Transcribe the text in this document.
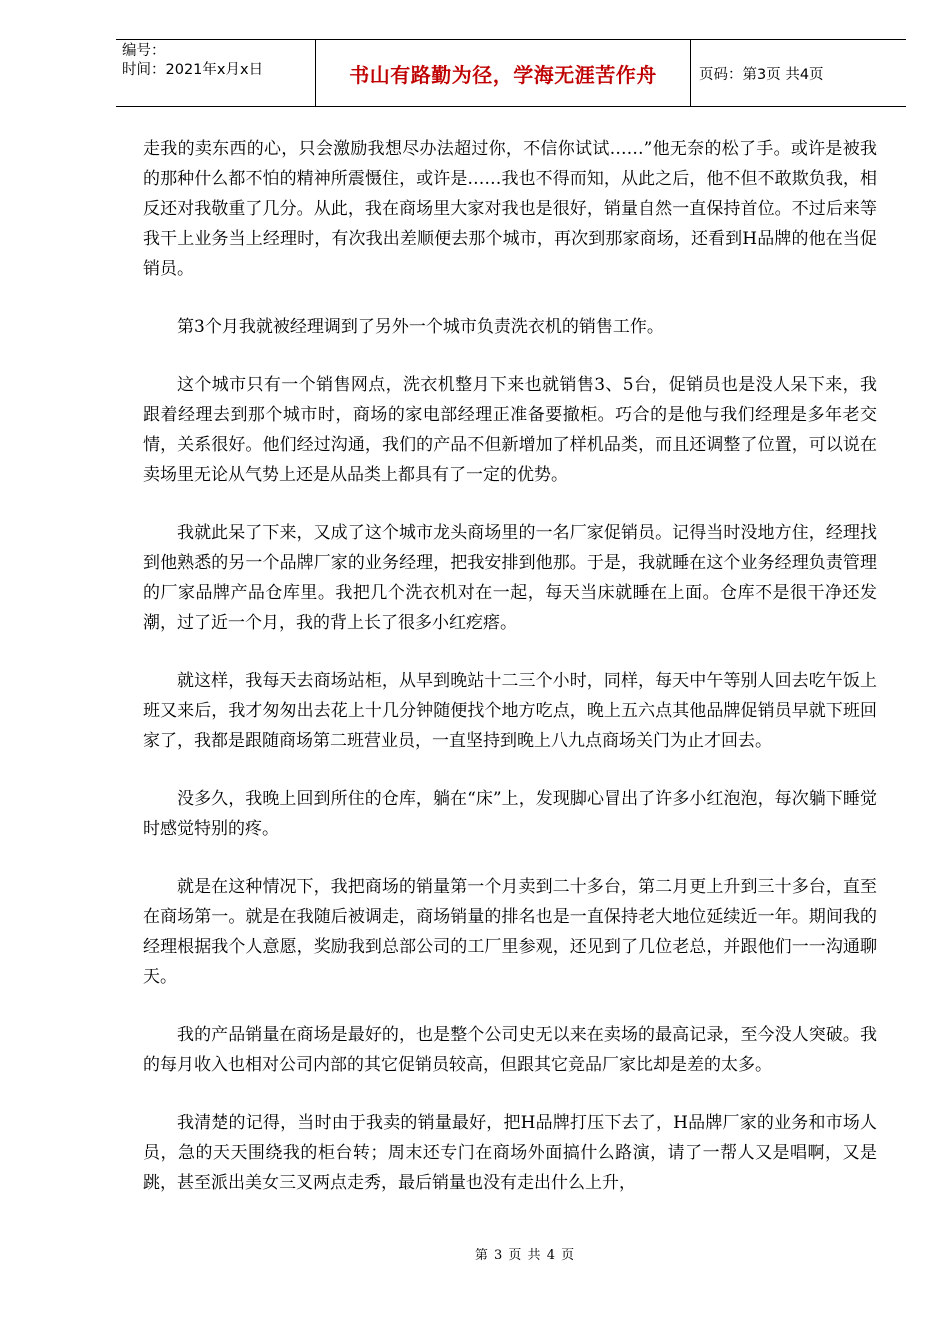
编号：
时间：2021年x月x日	书山有路勤为径，学海无涯苦作舟	页码：第3页 共4页

走我的卖东西的心，只会激励我想尽办法超过你，不信你试试……”他无奈的松了手。或许是被我的那种什么都不怕的精神所震慑住，或许是……我也不得而知，从此之后，他不但不敢欺负我，相反还对我敬重了几分。从此，我在商场里大家对我也是很好，销量自然一直保持首位。不过后来等我干上业务当上经理时，有次我出差顺便去那个城市，再次到那家商场，还看到H品牌的他在当促销员。

第3个月我就被经理调到了另外一个城市负责洗衣机的销售工作。

这个城市只有一个销售网点，洗衣机整月下来也就销售3、5台，促销员也是没人呆下来，我跟着经理去到那个城市时，商场的家电部经理正准备要撤柜。巧合的是他与我们经理是多年老交情，关系很好。他们经过沟通，我们的产品不但新增加了样机品类，而且还调整了位置，可以说在卖场里无论从气势上还是从品类上都具有了一定的优势。

我就此呆了下来，又成了这个城市龙头商场里的一名厂家促销员。记得当时没地方住，经理找到他熟悉的另一个品牌厂家的业务经理，把我安排到他那。于是，我就睡在这个业务经理负责管理的厂家品牌产品仓库里。我把几个洗衣机对在一起，每天当床就睡在上面。仓库不是很干净还发潮，过了近一个月，我的背上长了很多小红疙瘩。

就这样，我每天去商场站柜，从早到晚站十二三个小时，同样，每天中午等别人回去吃午饭上班又来后，我才匆匆出去花上十几分钟随便找个地方吃点，晚上五六点其他品牌促销员早就下班回家了，我都是跟随商场第二班营业员，一直坚持到晚上八九点商场关门为止才回去。

没多久，我晚上回到所住的仓库，躺在“床”上，发现脚心冒出了许多小红泡泡，每次躺下睡觉时感觉特别的疼。

就是在这种情况下，我把商场的销量第一个月卖到二十多台，第二月更上升到三十多台，直至在商场第一。就是在我随后被调走，商场销量的排名也是一直保持老大地位延续近一年。期间我的经理根据我个人意愿，奖励我到总部公司的工厂里参观，还见到了几位老总，并跟他们一一沟通聊天。

我的产品销量在商场是最好的，也是整个公司史无以来在卖场的最高记录，至今没人突破。我的每月收入也相对公司内部的其它促销员较高，但跟其它竞品厂家比却是差的太多。

我清楚的记得，当时由于我卖的销量最好，把H品牌打压下去了，H品牌厂家的业务和市场人员，急的天天围绕我的柜台转；周末还专门在商场外面搞什么路演，请了一帮人又是唱啊，又是跳，甚至派出美女三叉两点走秀，最后销量也没有走出什么上升，

第 3 页 共 4 页
